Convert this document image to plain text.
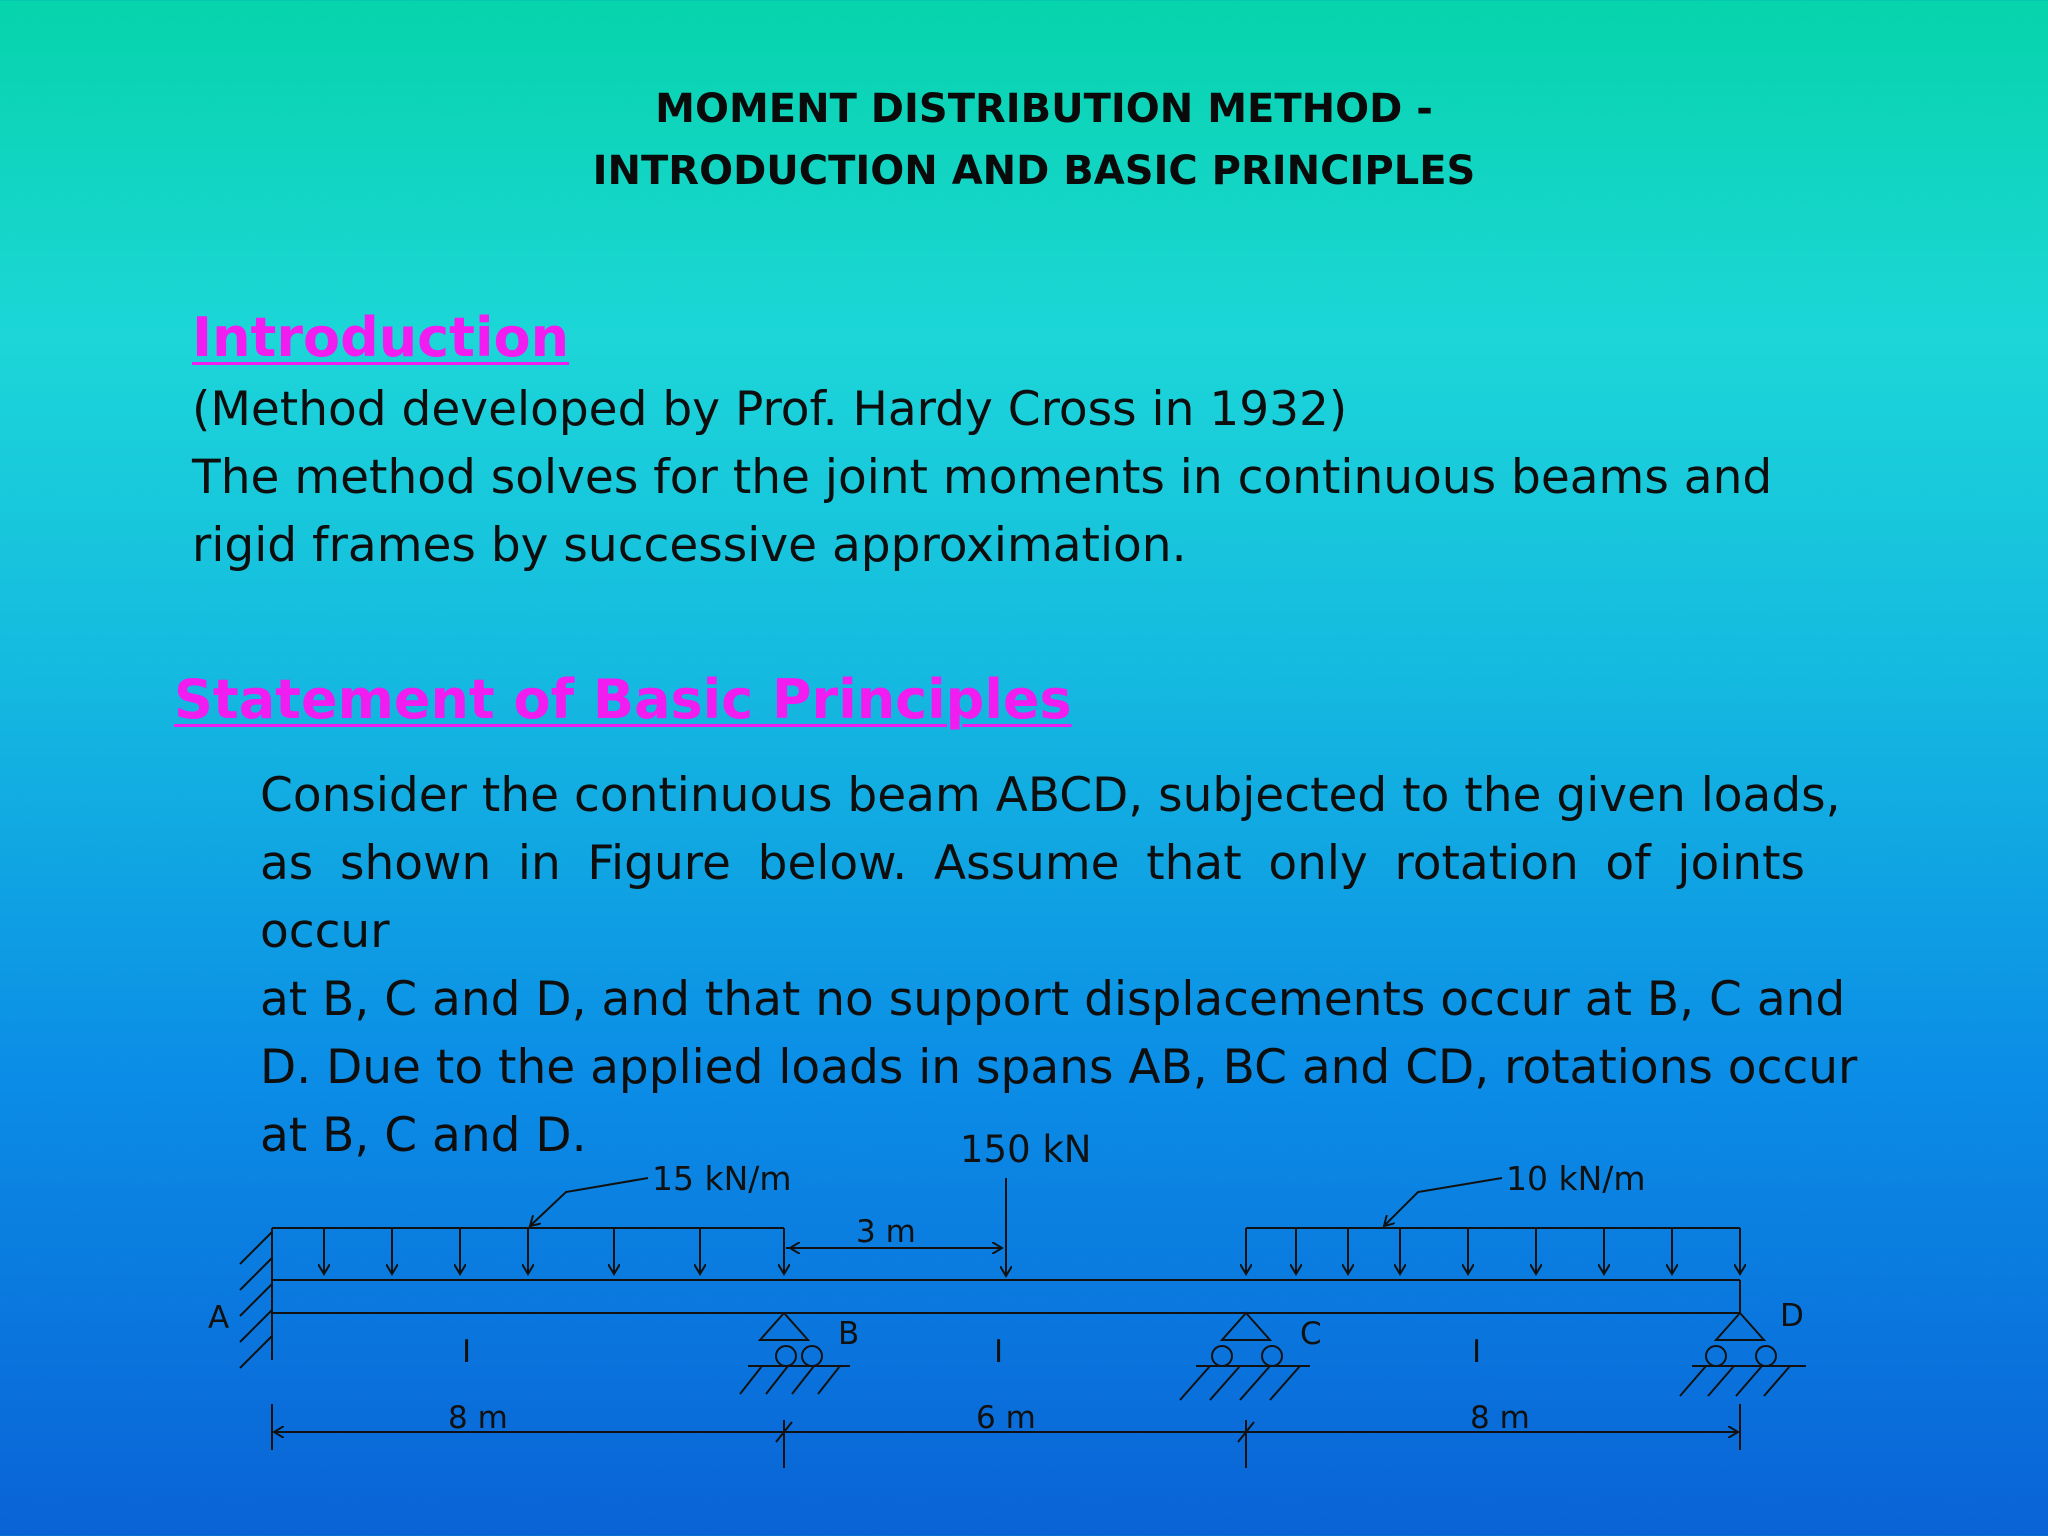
MOMENT DISTRIBUTION METHOD -
INTRODUCTION AND BASIC PRINCIPLES
Introduction
(Method developed by Prof. Hardy Cross in 1932)
The method solves for the joint moments in continuous beams and
rigid frames by successive approximation.
Statement of Basic Principles
Consider the continuous beam ABCD, subjected to the given loads,
as shown in Figure below. Assume that only rotation of joints
occur
at B, C and D, and that no support displacements occur at B, C and
D. Due to the applied loads in spans AB, BC and CD, rotations occur
at B, C and D.
15 kN/m
150 kN
3 m
10 kN/m
B	C	D
A
I	I	I
8 m	6 m	8 m
